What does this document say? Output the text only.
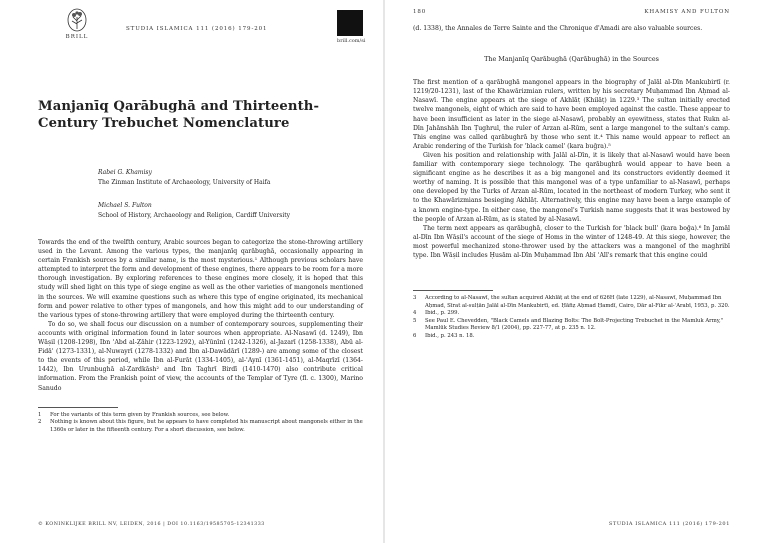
BRILL
STUDIA ISLAMICA 111 (2016) 179-201
brill.com/si
Manjanīq Qarābughā and Thirteenth-Century Trebuchet Nomenclature
Rabei G. Khamisy
The Zinman Institute of Archaeology, University of Haifa
Michael S. Fulton
School of History, Archaeology and Religion, Cardiff University

Towards the end of the twelfth century, Arabic sources began to categorize the stone-throwing artillery used in the Levant. Among the various types, the manjanīq qarābughā, occasionally appearing in certain Frankish sources by a similar name, is the most mysterious.¹ Although previous scholars have attempted to interpret the form and development of these engines, there appears to be room for a more thorough investigation. By exploring references to these engines more closely, it is hoped that this study will shed light on this type of siege engine as well as the other varieties of mangonels mentioned in the sources. We will examine questions such as where this type of engine originated, its mechanical form and power relative to other types of mangonels, and how this might add to our understanding of the various types of stone-throwing artillery that were employed during the thirteenth century.

To do so, we shall focus our discussion on a number of contemporary sources, supplementing their accounts with original information found in later sources when appropriate. Al-Nasawī (d. 1249), Ibn Wāṣil (1208-1298), Ibn ʿAbd al-Ẓāhir (1223-1292), al-Yūnīnī (1242-1326), al-Jazarī (1258-1338), Abū al-Fidāʾ (1273-1331), al-Nuwayrī (1278-1332) and Ibn al-Dawādārī (1289-) are among some of the closest to the events of this period, while Ibn al-Furāt (1334-1405), al-ʿAynī (1361-1451), al-Maqrīzī (1364-1442), Ibn Urunbughā al-Zardkāsh² and Ibn Taghrī Birdī (1410-1470) also contribute critical information. From the Frankish point of view, the accounts of the Templar of Tyre (fl. c. 1300), Marino Sanudo

1	For the variants of this term given by Frankish sources, see below.
2	Nothing is known about this figure, but he appears to have completed his manuscript about mangonels either in the 1360s or later in the fifteenth century. For a short discussion, see below.
© KONINKLIJKE BRILL NV, LEIDEN, 2016 | DOI 10.1163/19585705-12341333
180	KHAMISY AND FULTON

(d. 1338), the Annales de Terre Sainte and the Chronique d'Amadi are also valuable sources.

The Manjanīq Qarābughā (Qarābughā) in the Sources

The first mention of a qarābughā mangonel appears in the biography of Jalāl al-Dīn Mankubirtī (r. 1219/20-1231), last of the Khawārizmian rulers, written by his secretary Muḥammad Ibn Aḥmad al-Nasawī. The engine appears at the siege of Akhlāṭ (Khilāṭ) in 1229.³ The sultan initially erected twelve mangonels, eight of which are said to have been employed against the castle. These appear to have been insufficient as later in the siege al-Nasawī, probably an eyewitness, states that Rukn al-Dīn Jahānshāh Ibn Ṭughrul, the ruler of Arzan al-Rūm, sent a large mangonel to the sultan's camp. This engine was called qarābughrā by those who sent it.⁴ This name would appear to reflect an Arabic rendering of the Turkish for 'black camel' (kara buğra).⁵

Given his position and relationship with Jalāl al-Dīn, it is likely that al-Nasawī would have been familiar with contemporary siege technology. The qarābughrā would appear to have been a significant engine as he describes it as a big mangonel and its constructors evidently deemed it worthy of naming. It is possible that this mangonel was of a type unfamiliar to al-Nasawī, perhaps one developed by the Turks of Arzan al-Rūm, located in the northeast of modern Turkey, who sent it to the Khawārizmians besieging Akhlāṭ. Alternatively, this engine may have been a large example of a known engine-type. In either case, the mangonel's Turkish name suggests that it was bestowed by the people of Arzan al-Rūm, as is stated by al-Nasawī.

The term next appears as qarābughā, closer to the Turkish for 'black bull' (kara boğa).⁶ In Jamāl al-Dīn Ibn Wāṣil's account of the siege of Homs in the winter of 1248-49. At this siege, however, the most powerful mechanized stone-thrower used by the attackers was a mangonel of the maghribī type. Ibn Wāṣil includes Ḥusām al-Dīn Muḥammad Ibn Abī ʿAlī's remark that this engine could

3	According to al-Nasawī, the sultan acquired Akhlāṭ at the end of 626H (late 1229), al-Nasawī, Muḥammad Ibn Aḥmad, Sīrat al-sulṭān Jalāl al-Dīn Mankubirtī, ed. Ḥāfiẓ Aḥmad Ḥamdī, Cairo, Dār al-Fikr al-ʿArabī, 1953, p. 320.
4	Ibid., p. 299.
5	See Paul E. Chevedden, "Black Camels and Blazing Bolts: The Bolt-Projecting Trebuchet in the Mamluk Army," Mamlūk Studies Review 8/1 (2004), pp. 227-77, at p. 235 n. 12.
6	Ibid., p. 243 n. 18.
STUDIA ISLAMICA 111 (2016) 179-201
